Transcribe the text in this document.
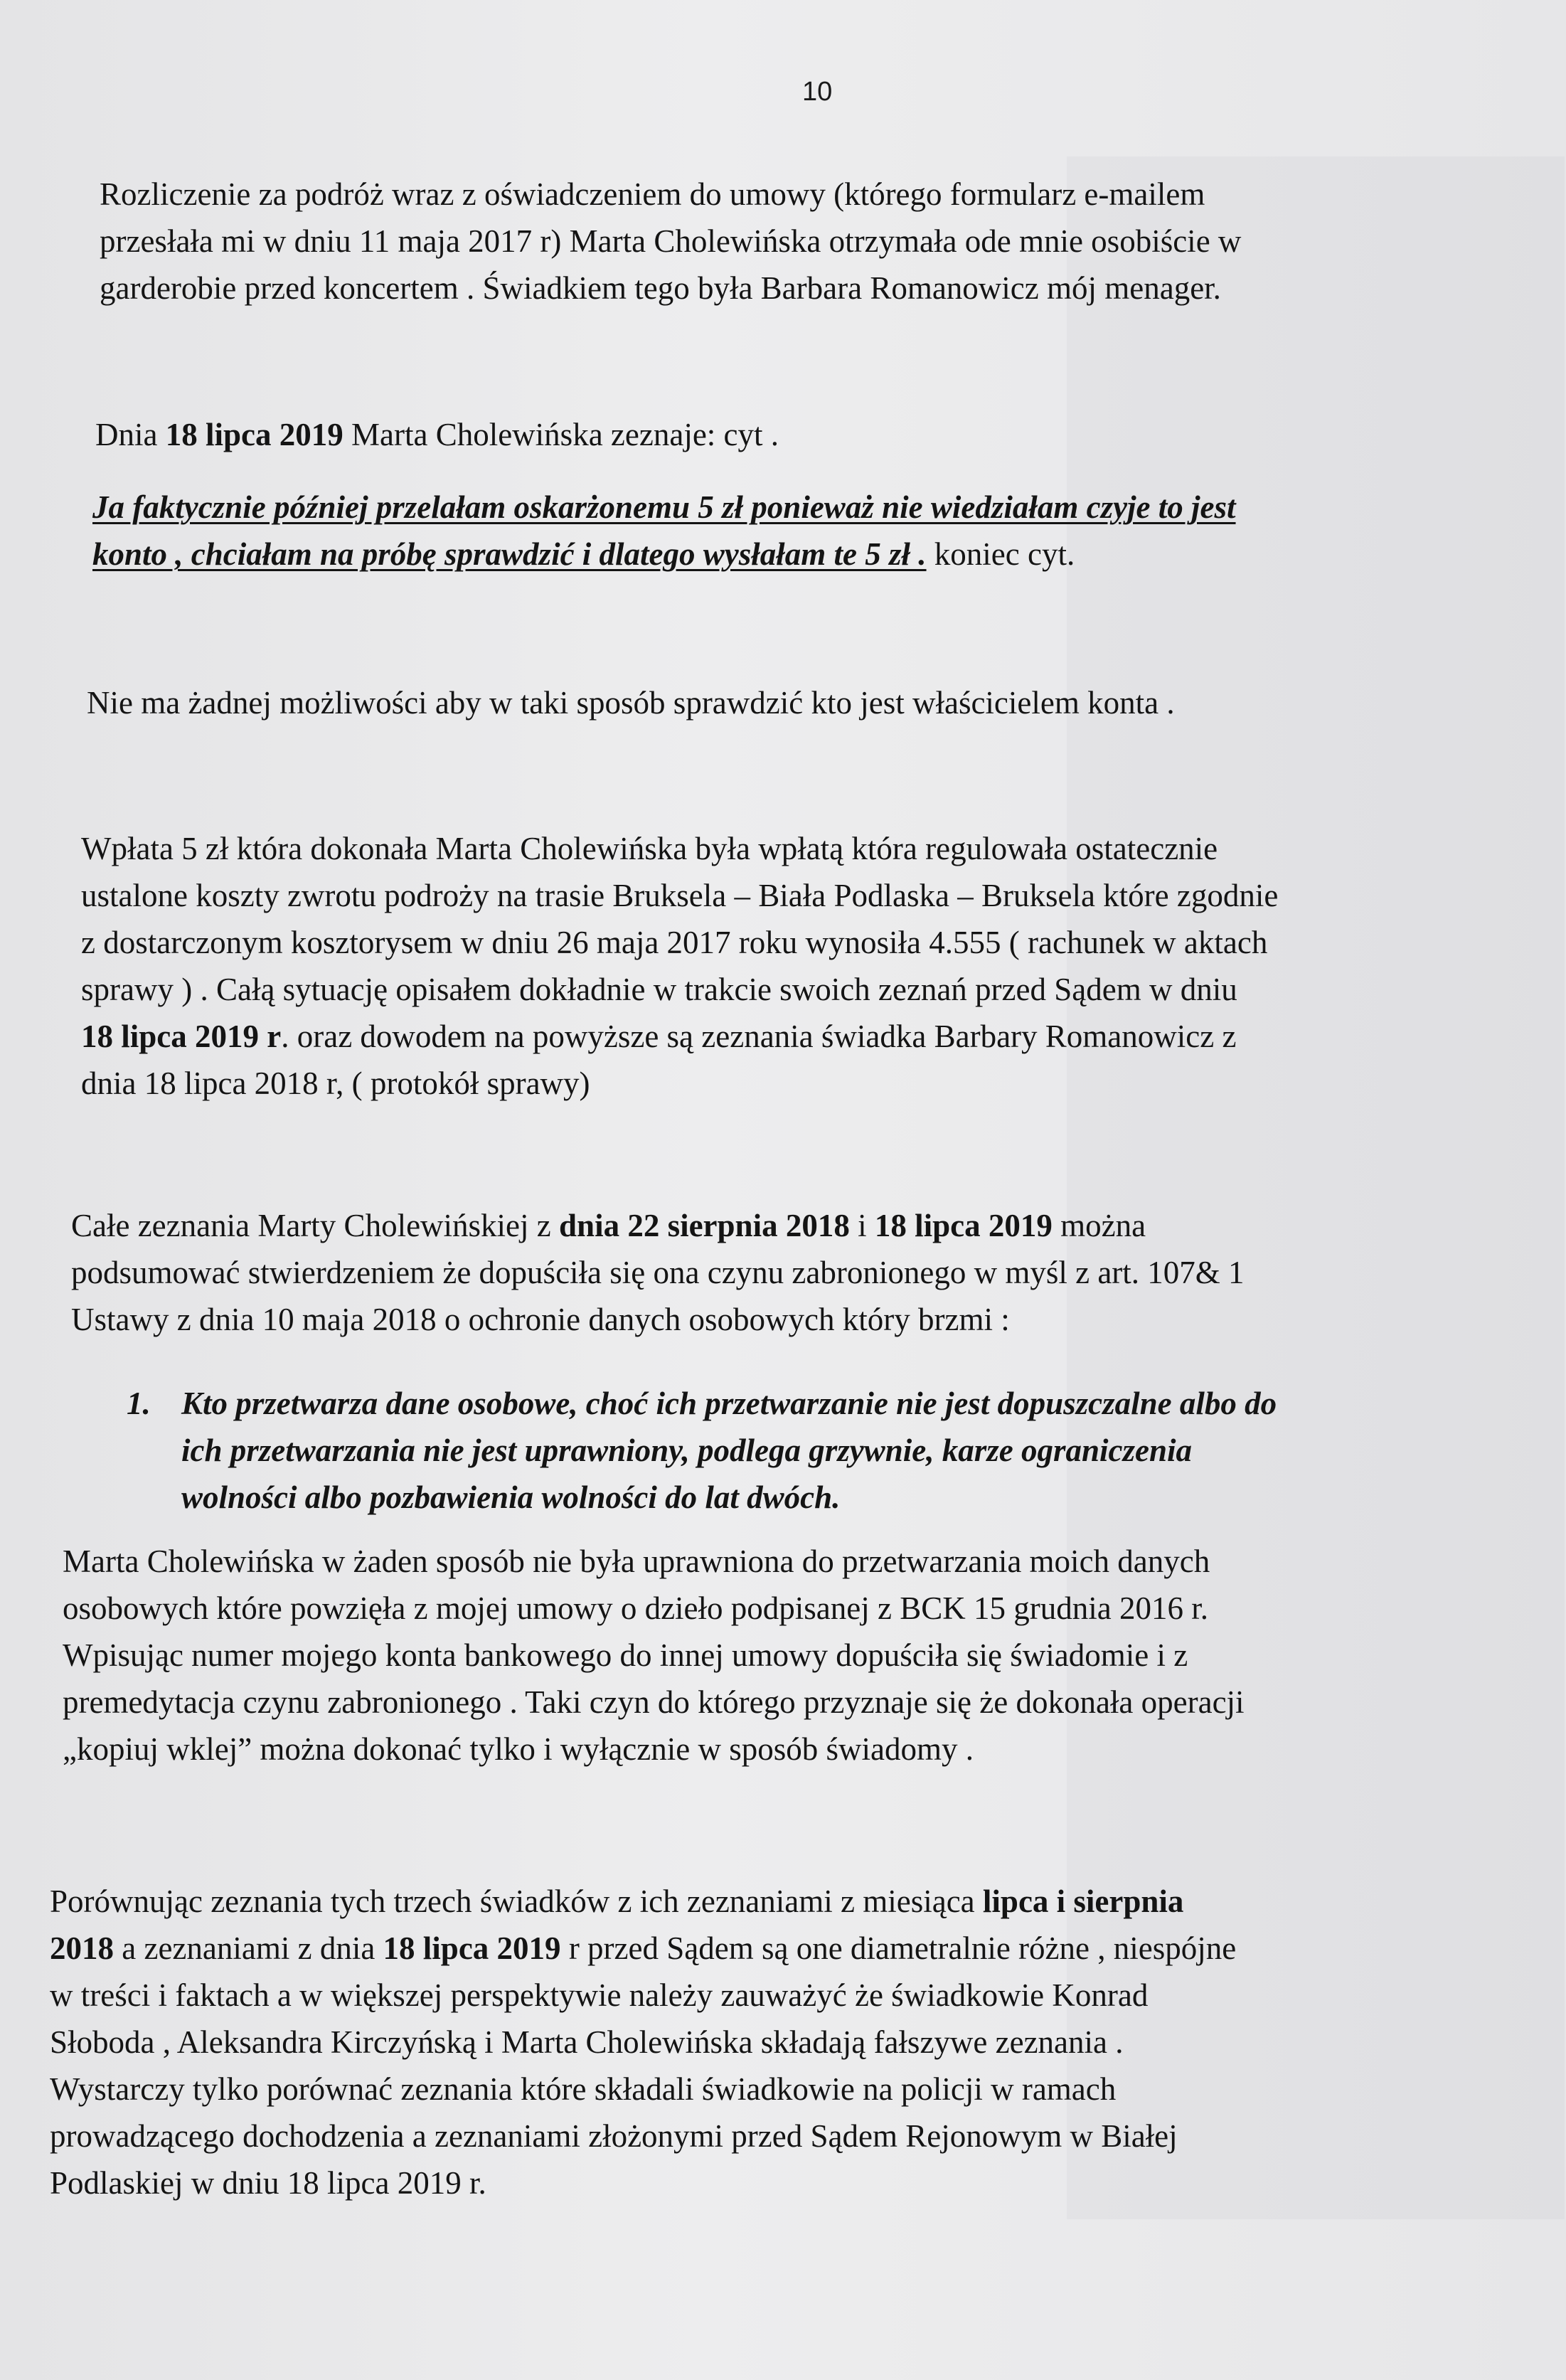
10

Rozliczenie za podróż wraz z oświadczeniem do umowy (którego formularz e-mailem

przesłała mi w dniu 11 maja 2017 r) Marta Cholewińska otrzymała ode mnie osobiście w

garderobie przed koncertem . Świadkiem tego była Barbara Romanowicz mój menager.

Dnia 18 lipca 2019 Marta Cholewińska zeznaje: cyt .

Ja faktycznie później przelałam oskarżonemu 5 zł ponieważ nie wiedziałam czyje to jest

konto , chciałam na próbę sprawdzić i dlatego wysłałam te 5 zł . koniec cyt.

Nie ma żadnej możliwości aby w taki sposób sprawdzić kto jest właścicielem konta .

Wpłata 5 zł która dokonała Marta Cholewińska była wpłatą która regulowała ostatecznie

ustalone koszty zwrotu podroży na trasie Bruksela – Biała Podlaska – Bruksela które zgodnie

z dostarczonym kosztorysem w dniu 26 maja 2017 roku wynosiła 4.555 ( rachunek w aktach

sprawy ) . Całą sytuację opisałem dokładnie w trakcie swoich zeznań przed Sądem w dniu

18 lipca 2019 r. oraz dowodem na powyższe są zeznania świadka Barbary Romanowicz z

dnia 18 lipca 2018 r, ( protokół sprawy)

Całe zeznania Marty Cholewińskiej z dnia 22 sierpnia 2018 i 18 lipca 2019 można

podsumować stwierdzeniem że dopuściła się ona czynu zabronionego w myśl z art. 107& 1

Ustawy z dnia 10 maja 2018 o ochronie danych osobowych który brzmi :

1. Kto przetwarza dane osobowe, choć ich przetwarzanie nie jest dopuszczalne albo do

ich przetwarzania nie jest uprawniony, podlega grzywnie, karze ograniczenia

wolności albo pozbawienia wolności do lat dwóch.

Marta Cholewińska w żaden sposób nie była uprawniona do przetwarzania moich danych

osobowych które powzięła z mojej umowy o dzieło podpisanej z BCK 15 grudnia 2016 r.

Wpisując numer mojego konta bankowego do innej umowy dopuściła się świadomie i z

premedytacja czynu zabronionego . Taki czyn do którego przyznaje się że dokonała operacji

„kopiuj wklej” można dokonać tylko i wyłącznie w sposób świadomy .

Porównując zeznania tych trzech świadków z ich zeznaniami z miesiąca lipca i sierpnia

2018 a zeznaniami z dnia 18 lipca 2019 r przed Sądem są one diametralnie różne , niespójne

w treści i faktach a w większej perspektywie należy zauważyć że świadkowie Konrad

Słoboda , Aleksandra Kirczyńską i Marta Cholewińska składają fałszywe zeznania .

Wystarczy tylko porównać zeznania które składali świadkowie na policji w ramach

prowadzącego dochodzenia a zeznaniami złożonymi przed Sądem Rejonowym w Białej

Podlaskiej w dniu 18 lipca 2019 r.
